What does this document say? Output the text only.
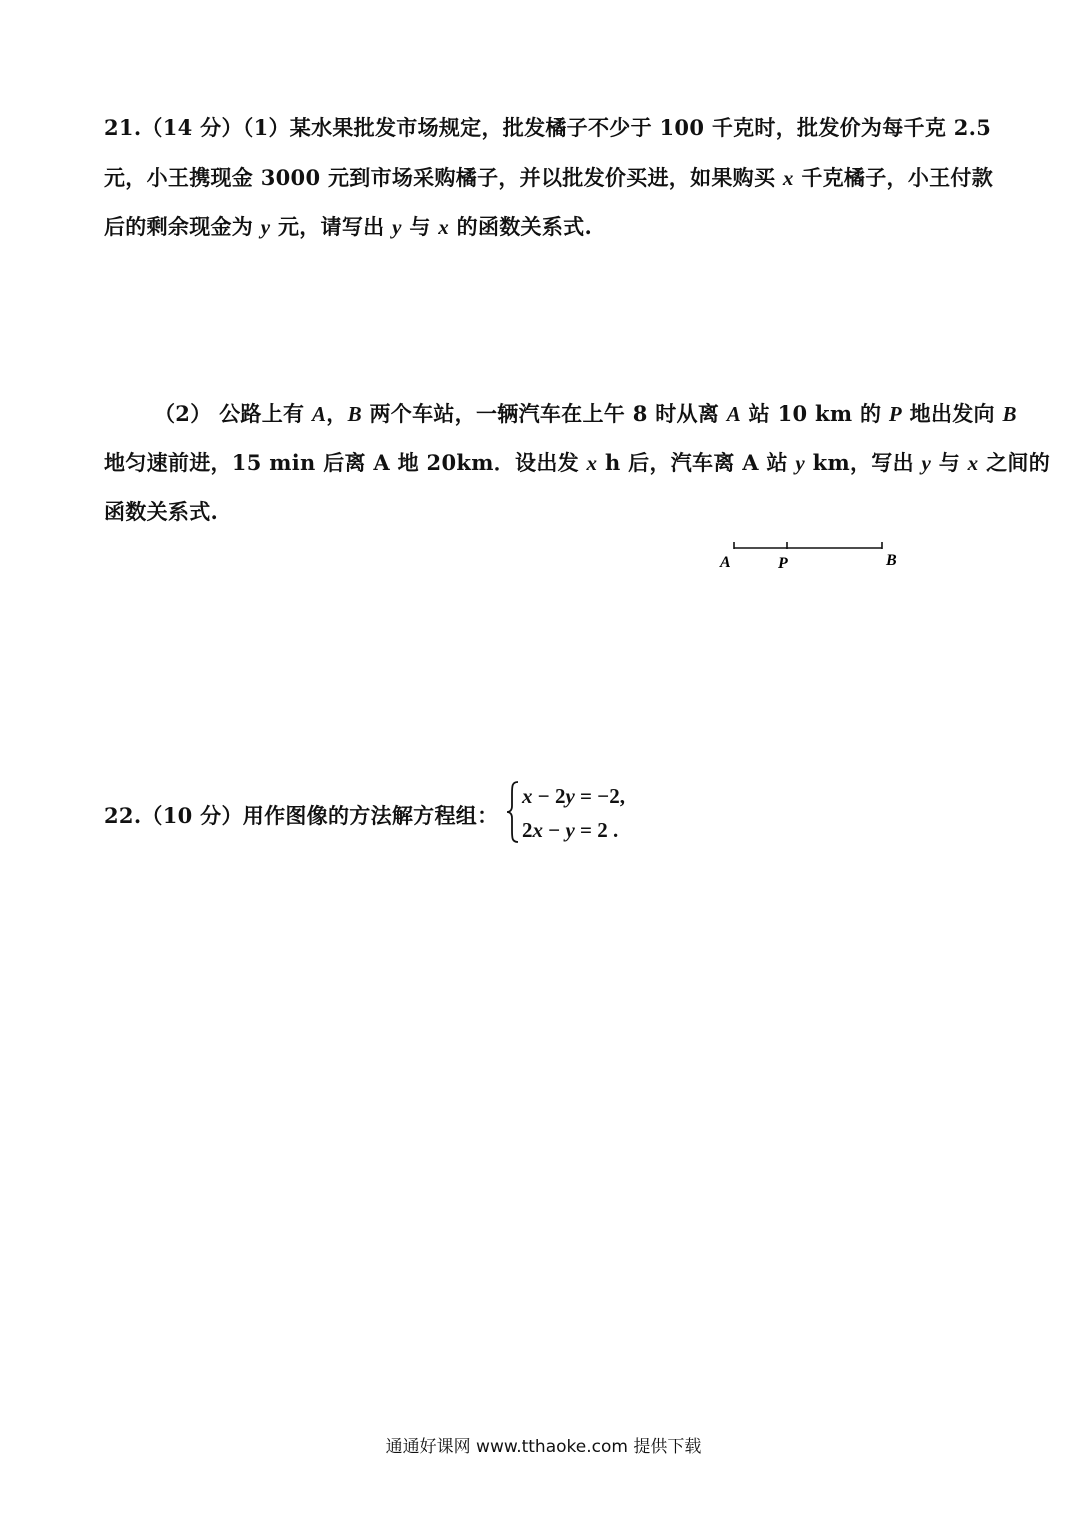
21.（14 分）（1）某水果批发市场规定，批发橘子不少于 100 千克时，批发价为每千克 2.5
元，小王携现金 3000 元到市场采购橘子，并以批发价买进，如果购买 x 千克橘子，小王付款
后的剩余现金为 y 元，请写出 y 与 x 的函数关系式.
（2） 公路上有 A，B 两个车站，一辆汽车在上午 8 时从离 A 站 10 km 的 P 地出发向 B
地匀速前进，15 min 后离 A 地 20km．设出发 x h 后，汽车离 A 站 y km，写出 y 与 x 之间的
函数关系式.
A	P	B
22.（10 分）用作图像的方法解方程组：
x − 2y = −2,
2x − y = 2 .
通通好课网 www.tthaoke.com 提供下载
